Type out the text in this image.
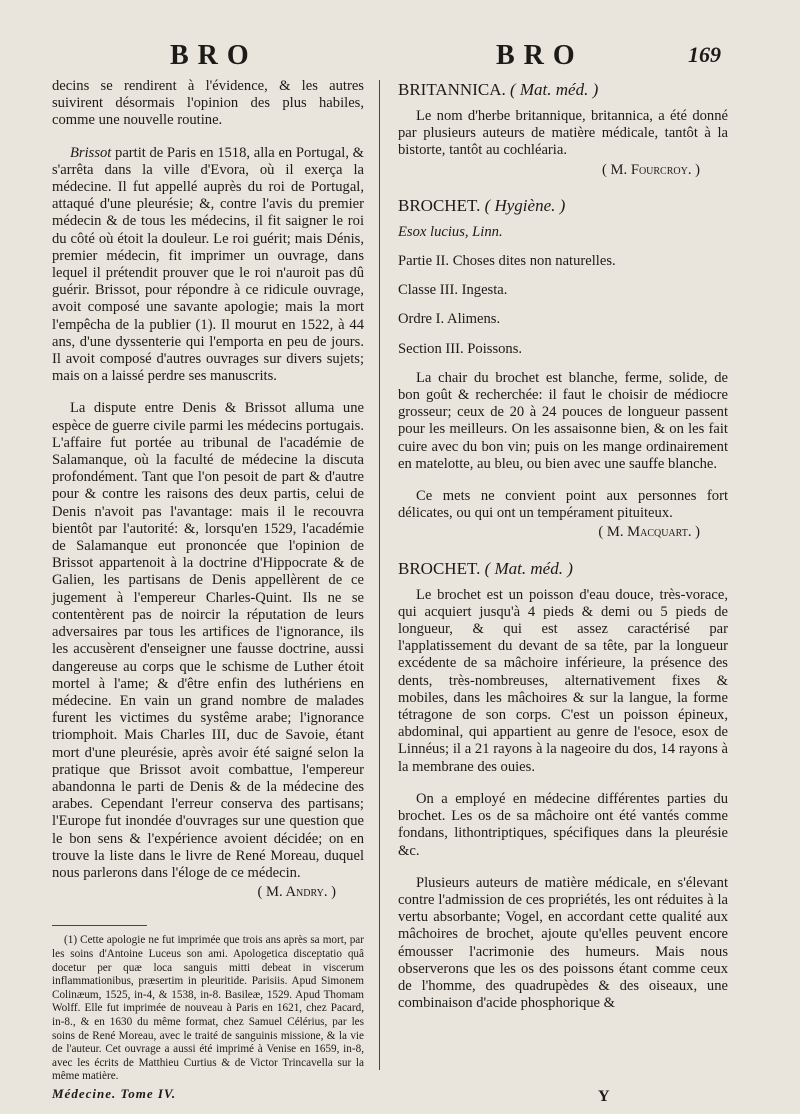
BRO	BRO	169

decins se rendirent à l'évidence, & les autres suivirent désormais l'opinion des plus habiles, comme une nouvelle routine.

Brissot partit de Paris en 1518, alla en Portugal, & s'arrêta dans la ville d'Evora, où il exerça la médecine. Il fut appellé auprès du roi de Portugal, attaqué d'une pleurésie; &, contre l'avis du premier médecin & de tous les médecins, il fit saigner le roi du côté où étoit la douleur. Le roi guérit; mais Dénis, premier médecin, fit imprimer un ouvrage, dans lequel il prétendit prouver que le roi n'auroit pas dû guérir. Brissot, pour répondre à ce ridicule ouvrage, avoit composé une savante apologie; mais la mort l'empêcha de la publier (1). Il mourut en 1522, à 44 ans, d'une dyssenterie qui l'emporta en peu de jours. Il avoit composé d'autres ouvrages sur divers sujets; mais on a laissé perdre ses manuscrits.

La dispute entre Denis & Brissot alluma une espèce de guerre civile parmi les médecins portugais. L'affaire fut portée au tribunal de l'académie de Salamanque, où la faculté de médecine la discuta profondément. Tant que l'on pesoit de part & d'autre pour & contre les raisons des deux partis, celui de Denis n'avoit pas l'avantage: mais il le recouvra bientôt par l'autorité: &, lorsqu'en 1529, l'académie de Salamanque eut prononcée que l'opinion de Brissot appartenoit à la doctrine d'Hippocrate & de Galien, les partisans de Denis appellèrent de ce jugement à l'empereur Charles-Quint. Ils ne se contentèrent pas de noircir la réputation de leurs adversaires par tous les artifices de l'ignorance, ils les accusèrent d'enseigner une fausse doctrine, aussi dangereuse au corps que le schisme de Luther étoit mortel à l'ame; & d'être enfin des luthériens en médecine. En vain un grand nombre de malades furent les victimes du systême arabe; l'ignorance triomphoit. Mais Charles III, duc de Savoie, étant mort d'une pleurésie, après avoir été saigné selon la pratique que Brissot avoit combattue, l'empereur abandonna le parti de Denis & de la médecine des arabes. Cependant l'erreur conserva des partisans; l'Europe fut inondée d'ouvrages sur une question que le bon sens & l'expérience avoient décidée; on en trouve la liste dans le livre de René Moreau, duquel nous parlerons dans l'éloge de ce médecin.

( M. Andry. )

(1) Cette apologie ne fut imprimée que trois ans après sa mort, par les soins d'Antoine Luceus son ami. Apologetica disceptatio quâ docetur per quæ loca sanguis mitti debeat in viscerum inflammationibus, præsertim in pleuritide. Parisiis. Apud Simonem Colinæum, 1525, in-4, & 1538, in-8. Basileæ, 1529. Apud Thomam Wolff. Elle fut imprimée de nouveau à Paris en 1621, chez Pacard, in-8., & en 1630 du même format, chez Samuel Célérius, par les soins de René Moreau, avec le traité de sanguinis missione, & la vie de l'auteur. Cet ouvrage a aussi été imprimé à Venise en 1659, in-8, avec les écrits de Matthieu Curtius & de Victor Trincavella sur la même matière.

Médecine. Tome IV.

BRITANNICA. ( Mat. méd. )

Le nom d'herbe britannique, britannica, a été donné par plusieurs auteurs de matière médicale, tantôt à la bistorte, tantôt au cochléaria.

( M. Fourcroy. )

BROCHET. ( Hygiène. )

Esox lucius, Linn.

Partie II. Choses dites non naturelles.

Classe III. Ingesta.

Ordre I. Alimens.

Section III. Poissons.

La chair du brochet est blanche, ferme, solide, de bon goût & recherchée: il faut le choisir de médiocre grosseur; ceux de 20 à 24 pouces de longueur passent pour les meilleurs. On les assaisonne bien, & on les fait cuire avec du bon vin; puis on les mange ordinairement en matelotte, au bleu, ou bien avec une sauffe blanche.

Ce mets ne convient point aux personnes fort délicates, ou qui ont un tempérament pituiteux.

( M. Macquart. )

BROCHET. ( Mat. méd. )

Le brochet est un poisson d'eau douce, très-vorace, qui acquiert jusqu'à 4 pieds & demi ou 5 pieds de longueur, & qui est assez caractérisé par l'applatissement du devant de sa tête, par la longueur excédente de sa mâchoire inférieure, la présence des dents, très-nombreuses, alternativement fixes & mobiles, dans les mâchoires & sur la langue, la forme tétragone de son corps. C'est un poisson épineux, abdominal, qui appartient au genre de l'esoce, esox de Linnéus; il a 21 rayons à la nageoire du dos, 14 rayons à la membrane des ouies.

On a employé en médecine différentes parties du brochet. Les os de sa mâchoire ont été vantés comme fondans, lithontriptiques, spécifiques dans la pleurésie &c.

Plusieurs auteurs de matière médicale, en s'élevant contre l'admission de ces propriétés, les ont réduites à la vertu absorbante; Vogel, en accordant cette qualité aux mâchoires de brochet, ajoute qu'elles peuvent encore émousser l'acrimonie des humeurs. Mais nous observerons que les os des poissons étant comme ceux de l'homme, des quadrupèdes & des oiseaux, une combinaison d'acide phosphorique &

Y
